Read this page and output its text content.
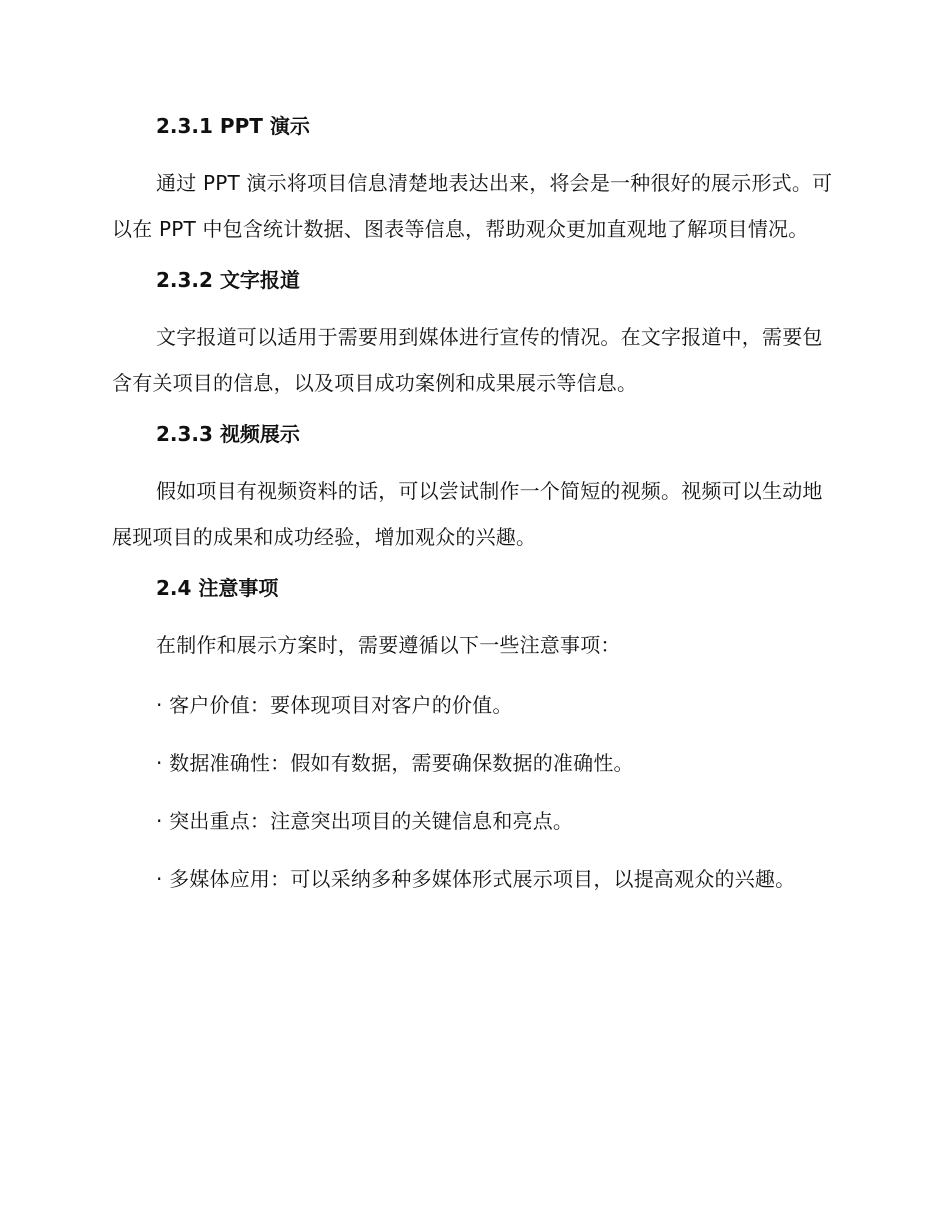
2.3.1 PPT 演示
通过 PPT 演示将项目信息清楚地表达出来，将会是一种很好的展示形式。可以在 PPT 中包含统计数据、图表等信息，帮助观众更加直观地了解项目情况。
2.3.2 文字报道
文字报道可以适用于需要用到媒体进行宣传的情况。在文字报道中，需要包含有关项目的信息，以及项目成功案例和成果展示等信息。
2.3.3 视频展示
假如项目有视频资料的话，可以尝试制作一个简短的视频。视频可以生动地展现项目的成果和成功经验，增加观众的兴趣。
2.4 注意事项
在制作和展示方案时，需要遵循以下一些注意事项：
· 客户价值：要体现项目对客户的价值。
· 数据准确性：假如有数据，需要确保数据的准确性。
· 突出重点：注意突出项目的关键信息和亮点。
· 多媒体应用：可以采纳多种多媒体形式展示项目，以提高观众的兴趣。
